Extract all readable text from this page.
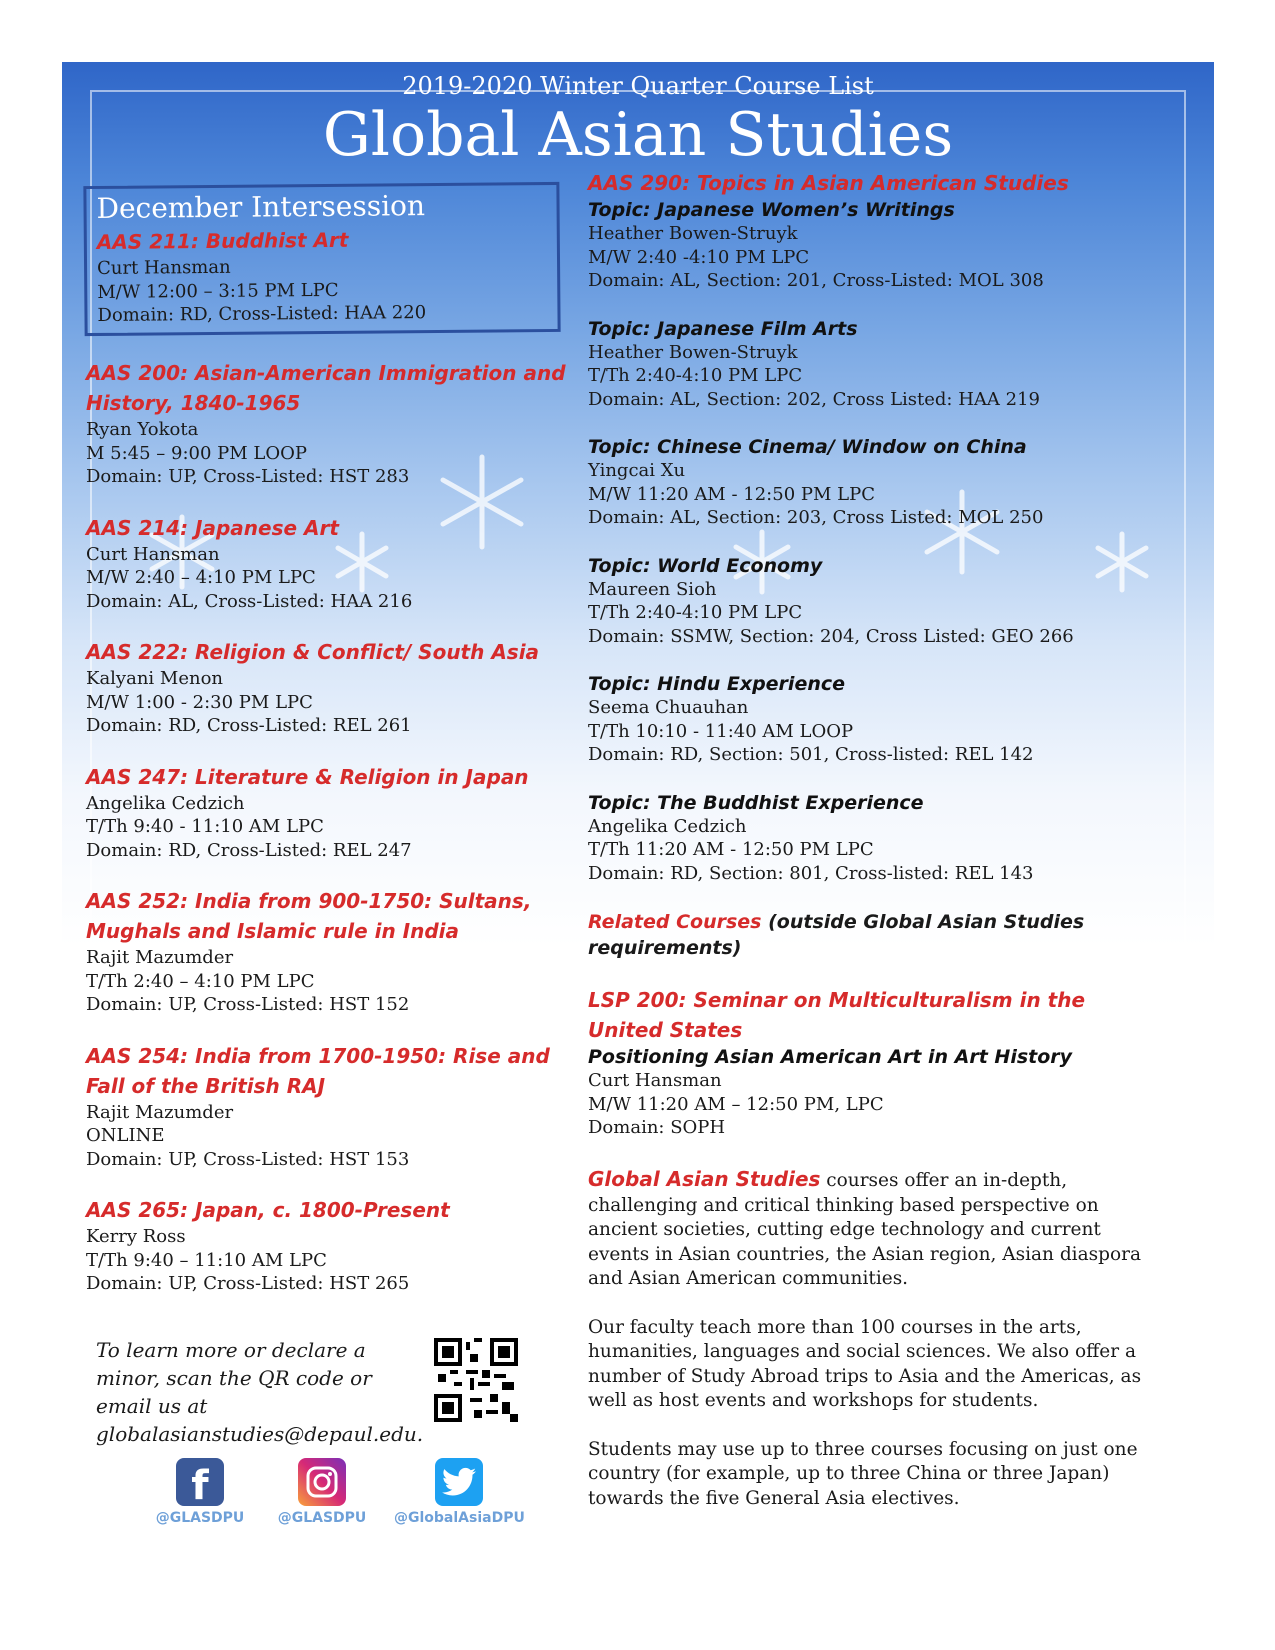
2019-2020 Winter Quarter Course List
Global Asian Studies
December Intersession
AAS 211: Buddhist Art
Curt Hansman
M/W 12:00 – 3:15 PM LPC
Domain: RD, Cross-Listed: HAA 220
AAS 200: Asian-American Immigration and History, 1840-1965
Ryan Yokota
M 5:45 – 9:00 PM LOOP
Domain: UP, Cross-Listed: HST 283
AAS 214: Japanese Art
Curt Hansman
M/W 2:40 – 4:10 PM LPC
Domain: AL, Cross-Listed: HAA 216
AAS 222: Religion & Conflict/ South Asia
Kalyani Menon
M/W 1:00 - 2:30 PM LPC
Domain: RD, Cross-Listed: REL 261
AAS 247: Literature & Religion in Japan
Angelika Cedzich
T/Th 9:40 - 11:10 AM LPC
Domain: RD, Cross-Listed: REL 247
AAS 252: India from 900-1750: Sultans, Mughals and Islamic rule in India
Rajit Mazumder
T/Th 2:40 – 4:10 PM LPC
Domain: UP, Cross-Listed: HST 152
AAS 254: India from 1700-1950: Rise and Fall of the British RAJ
Rajit Mazumder
ONLINE
Domain: UP, Cross-Listed: HST 153
AAS 265: Japan, c. 1800-Present
Kerry Ross
T/Th 9:40 – 11:10 AM LPC
Domain: UP, Cross-Listed: HST 265
AAS 290: Topics in Asian American Studies
Topic: Japanese Women’s Writings
Heather Bowen-Struyk
M/W 2:40 -4:10 PM LPC
Domain: AL, Section: 201, Cross-Listed: MOL 308
Topic: Japanese Film Arts
Heather Bowen-Struyk
T/Th 2:40-4:10 PM LPC
Domain: AL, Section: 202, Cross Listed: HAA 219
Topic: Chinese Cinema/ Window on China
Yingcai Xu
M/W 11:20 AM - 12:50 PM LPC
Domain: AL, Section: 203, Cross Listed: MOL 250
Topic: World Economy
Maureen Sioh
T/Th 2:40-4:10 PM LPC
Domain: SSMW, Section: 204, Cross Listed: GEO 266
Topic: Hindu Experience
Seema Chuauhan
T/Th 10:10 - 11:40 AM LOOP
Domain: RD, Section: 501, Cross-listed: REL 142
Topic: The Buddhist Experience
Angelika Cedzich
T/Th 11:20 AM - 12:50 PM LPC
Domain: RD, Section: 801, Cross-listed: REL 143
Related Courses (outside Global Asian Studies requirements)
LSP 200: Seminar on Multiculturalism in the United States
Positioning Asian American Art in Art History
Curt Hansman
M/W 11:20 AM – 12:50 PM, LPC
Domain: SOPH
Global Asian Studies courses offer an in-depth, challenging and critical thinking based perspective on ancient societies, cutting edge technology and current events in Asian countries, the Asian region, Asian diaspora and Asian American communities.
Our faculty teach more than 100 courses in the arts, humanities, languages and social sciences. We also offer a number of Study Abroad trips to Asia and the Americas, as well as host events and workshops for students.
Students may use up to three courses focusing on just one country (for example, up to three China or three Japan) towards the five General Asia electives.
To learn more or declare a minor, scan the QR code or email us at globalasianstudies@depaul.edu.
f
@GLASDPU	@GLASDPU	@GlobalAsiaDPU
